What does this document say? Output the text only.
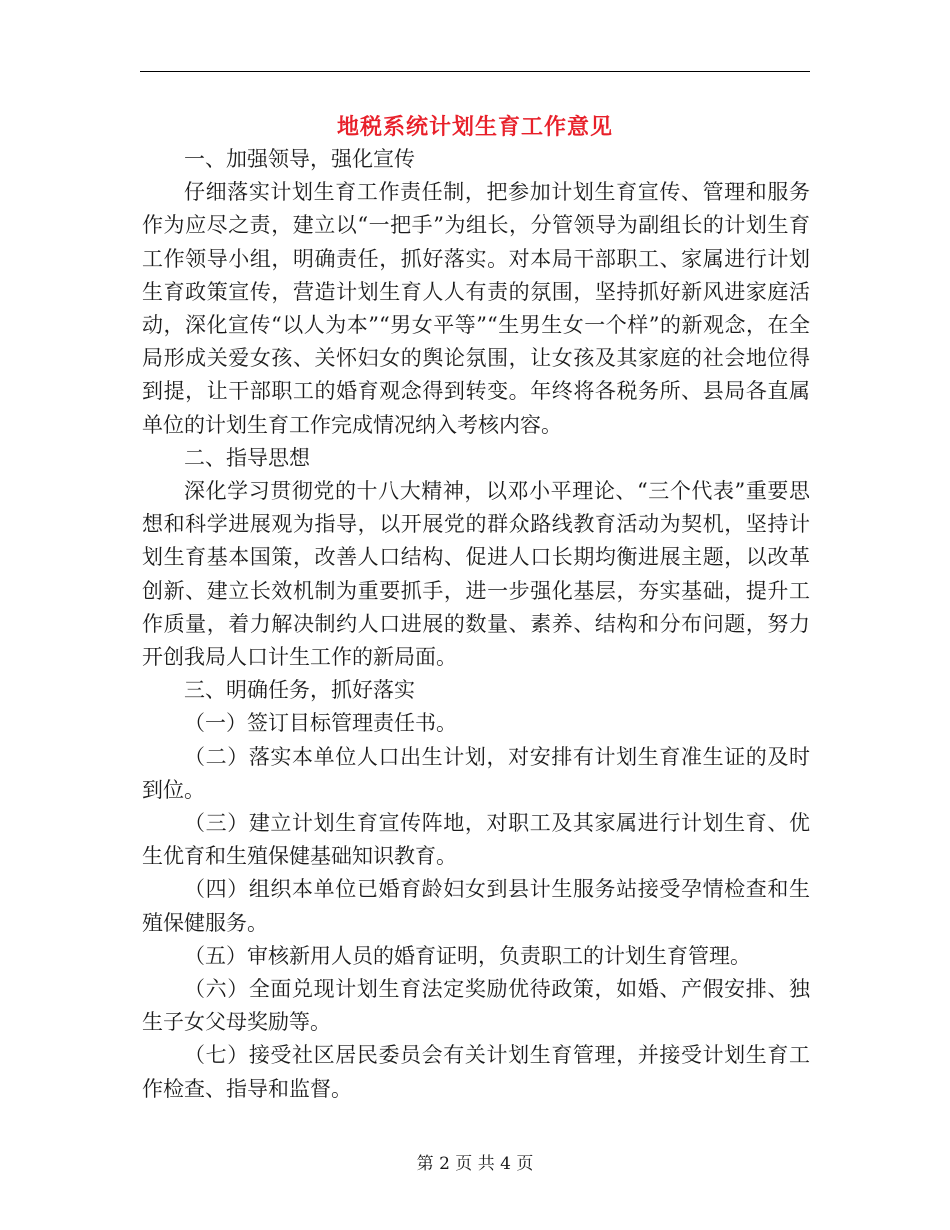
地税系统计划生育工作意见

一、加强领导，强化宣传

仔细落实计划生育工作责任制，把参加计划生育宣传、管理和服务作为应尽之责，建立以“一把手”为组长，分管领导为副组长的计划生育工作领导小组，明确责任，抓好落实。对本局干部职工、家属进行计划生育政策宣传，营造计划生育人人有责的氛围，坚持抓好新风进家庭活动，深化宣传“以人为本”“男女平等”“生男生女一个样”的新观念，在全局形成关爱女孩、关怀妇女的舆论氛围，让女孩及其家庭的社会地位得到提，让干部职工的婚育观念得到转变。年终将各税务所、县局各直属单位的计划生育工作完成情况纳入考核内容。

二、指导思想

深化学习贯彻党的十八大精神，以邓小平理论、“三个代表”重要思想和科学进展观为指导，以开展党的群众路线教育活动为契机，坚持计划生育基本国策，改善人口结构、促进人口长期均衡进展主题，以改革创新、建立长效机制为重要抓手，进一步强化基层，夯实基础，提升工作质量，着力解决制约人口进展的数量、素养、结构和分布问题，努力开创我局人口计生工作的新局面。

三、明确任务，抓好落实

（一）签订目标管理责任书。

（二）落实本单位人口出生计划，对安排有计划生育准生证的及时到位。

（三）建立计划生育宣传阵地，对职工及其家属进行计划生育、优生优育和生殖保健基础知识教育。

（四）组织本单位已婚育龄妇女到县计生服务站接受孕情检查和生殖保健服务。

（五）审核新用人员的婚育证明，负责职工的计划生育管理。

（六）全面兑现计划生育法定奖励优待政策，如婚、产假安排、独生子女父母奖励等。

（七）接受社区居民委员会有关计划生育管理，并接受计划生育工作检查、指导和监督。

第 2 页 共 4 页
